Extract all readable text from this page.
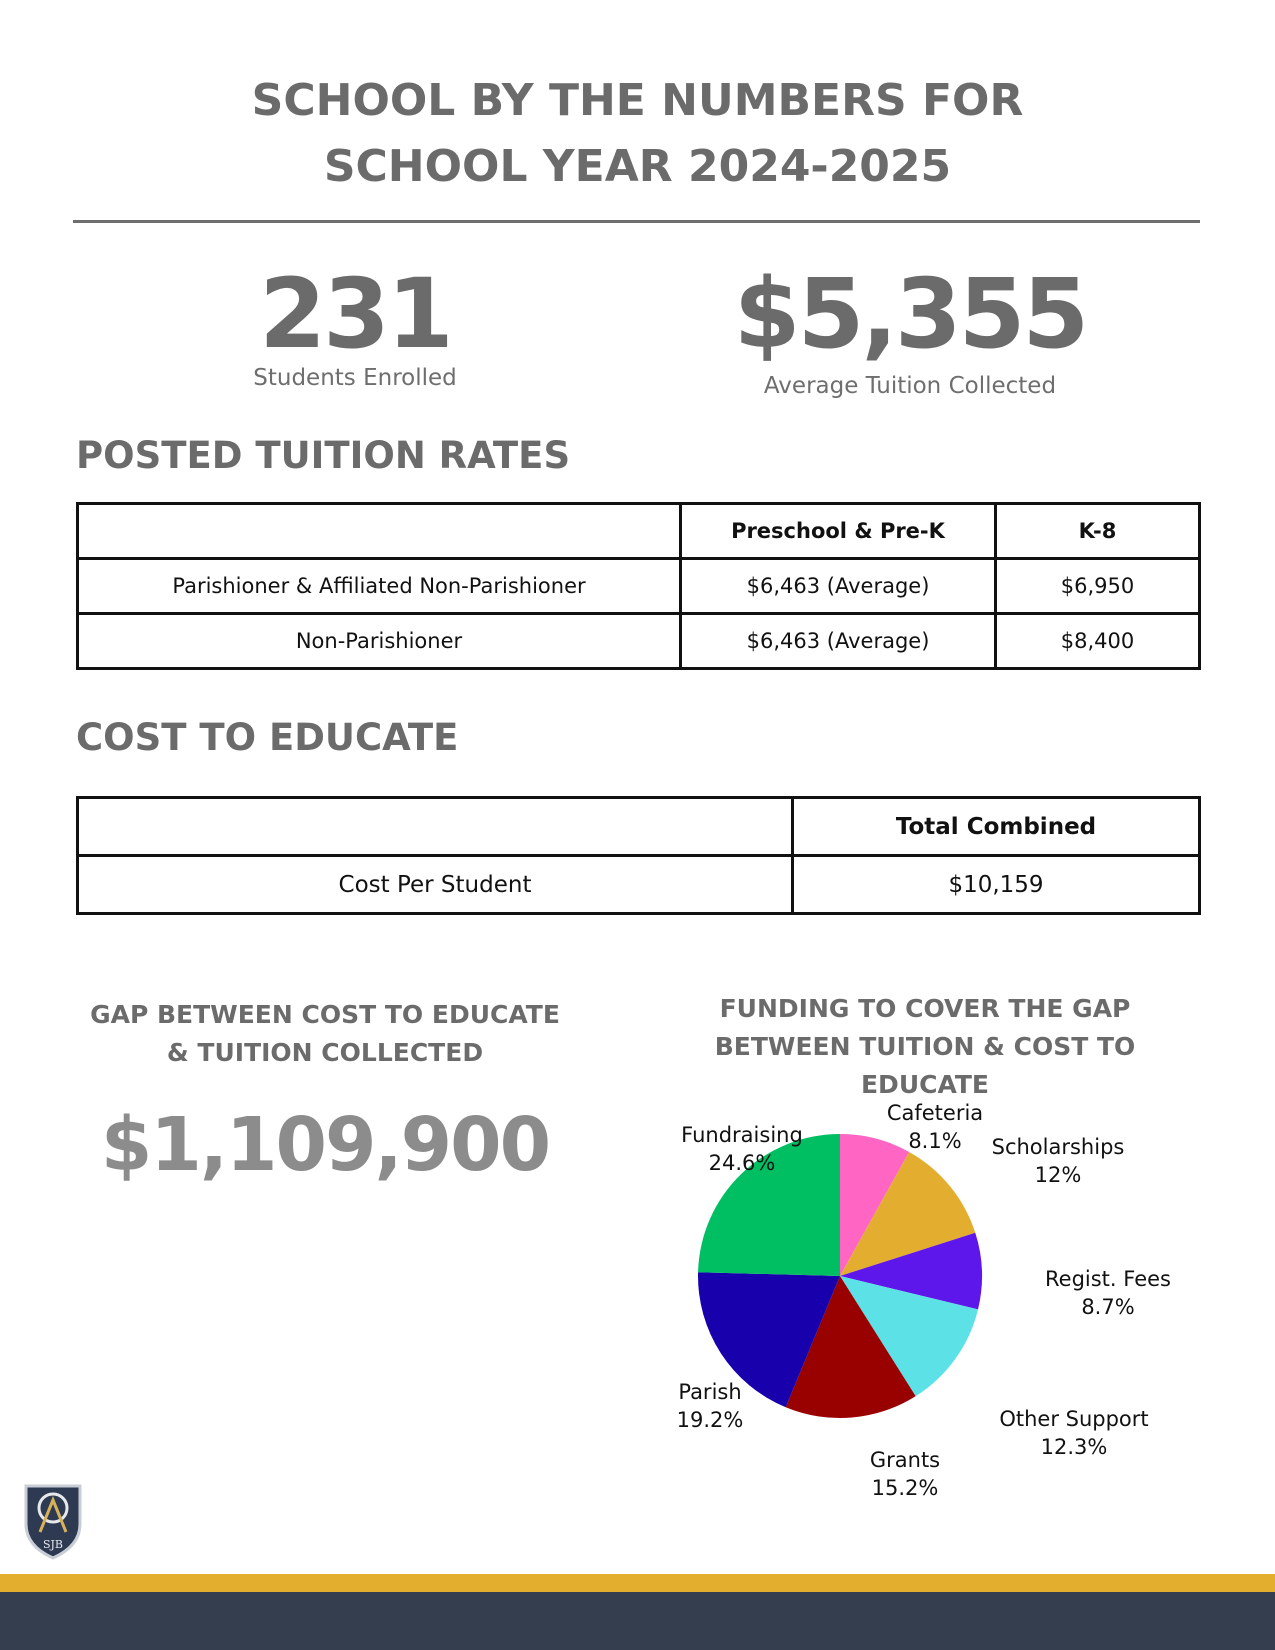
SCHOOL BY THE NUMBERS FOR
SCHOOL YEAR 2024-2025
231
Students Enrolled
$5,355
Average Tuition Collected
POSTED TUITION RATES
	Preschool & Pre-K	K-8
Parishioner & Affiliated Non-Parishioner	$6,463 (Average)	$6,950
Non-Parishioner	$6,463 (Average)	$8,400
COST TO EDUCATE
	Total Combined
Cost Per Student	$10,159
GAP BETWEEN COST TO EDUCATE
& TUITION COLLECTED
$1,109,900
FUNDING TO COVER THE GAP
BETWEEN TUITION & COST TO
EDUCATE
Cafeteria
8.1% Scholarships
12%
Regist. Fees
8.7%
Other Support
12.3%
Grants
15.2%
Parish
19.2%
Fundraising
24.6%
SJB
